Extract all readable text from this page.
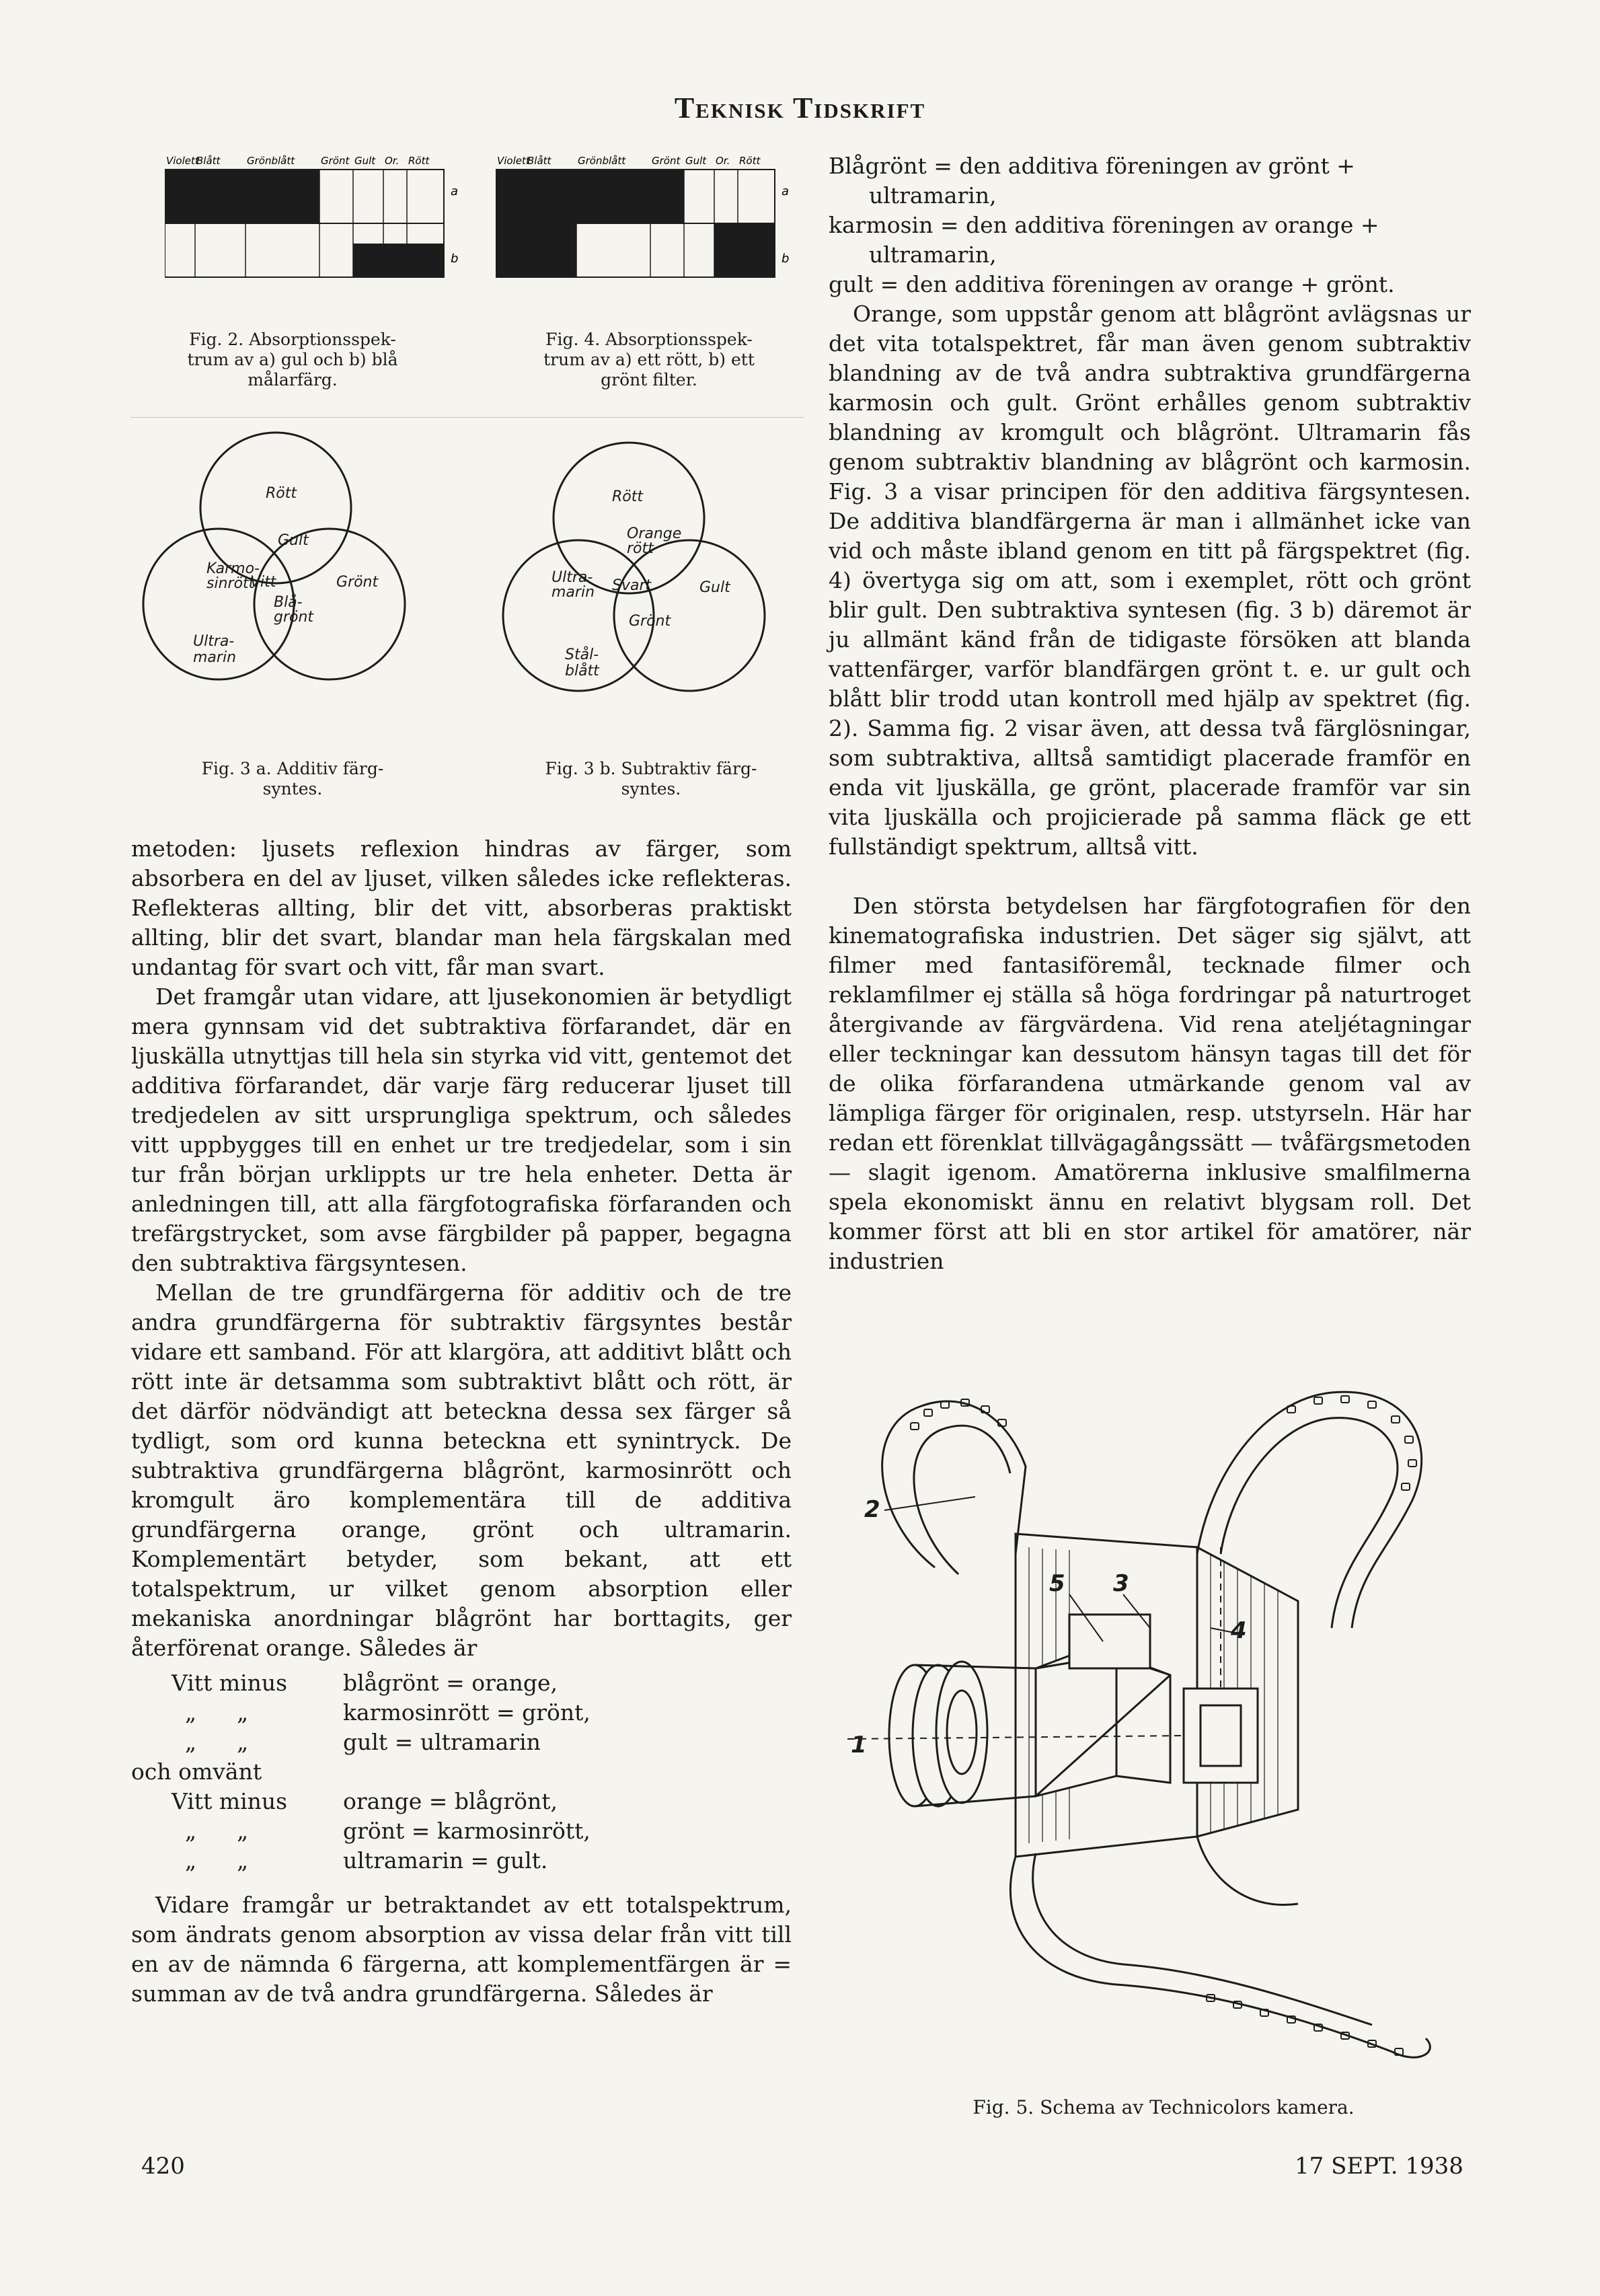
Teknisk Tidskrift
Violett
Blått	Grönblått	Grönt Gult Or. Rött
a
b
Fig. 2. Absorptionsspek-
trum av a) gul och b) blå
målarfärg.
Violett
Blått	Grönblått	Grönt Gult Or. Rött
a
b
Fig. 4. Absorptionsspek-
trum av a) ett rött, b) ett
grönt filter.
Rött
Gult
Karmo-sinrött
Vitt	Grönt
Blå-grönt
Ultra-marin
Fig. 3 a. Additiv färg-
syntes.
Rött
Orange rött
Ultra-marin Svart	Gult
Grönt
Stål-blått
Fig. 3 b. Subtraktiv färg-
syntes.

metoden: ljusets reflexion hindras av färger, som absorbera en del av ljuset, vilken således icke reflekteras. Reflekteras allting, blir det vitt, absorberas praktiskt allting, blir det svart, blandar man hela färgskalan med undantag för svart och vitt, får man svart.

Det framgår utan vidare, att ljusekonomien är betydligt mera gynnsam vid det subtraktiva förfarandet, där en ljuskälla utnyttjas till hela sin styrka vid vitt, gentemot det additiva förfarandet, där varje färg reducerar ljuset till tredjedelen av sitt ursprungliga spektrum, och således vitt uppbygges till en enhet ur tre tredjedelar, som i sin tur från början urklippts ur tre hela enheter. Detta är anledningen till, att alla färgfotografiska förfaranden och trefärgstrycket, som avse färgbilder på papper, begagna den subtraktiva färgsyntesen.

Mellan de tre grundfärgerna för additiv och de tre andra grundfärgerna för subtraktiv färgsyntes består vidare ett samband. För att klargöra, att additivt blått och rött inte är detsamma som subtraktivt blått och rött, är det därför nödvändigt att beteckna dessa sex färger så tydligt, som ord kunna beteckna ett synintryck. De subtraktiva grundfärgerna blågrönt, karmosinrött och kromgult äro komplementära till de additiva grundfärgerna orange, grönt och ultramarin. Komplementärt betyder, som bekant, att ett totalspektrum, ur vilket genom absorption eller mekaniska anordningar blågrönt har borttagits, ger återförenat orange. Således är

Vitt minus	blågrönt = orange,
„ „	karmosinrött = grönt,
„ „	gult = ultramarin
och omvänt
Vitt minus	orange = blågrönt,
„ „	grönt = karmosinrött,
„ „	ultramarin = gult.

Vidare framgår ur betraktandet av ett totalspektrum, som ändrats genom absorption av vissa delar från vitt till en av de nämnda 6 färgerna, att komplementfärgen är = summan av de två andra grundfärgerna. Således är

Blågrönt = den additiva föreningen av grönt +
ultramarin,
karmosin = den additiva föreningen av orange +
ultramarin,
gult = den additiva föreningen av orange + grönt.

Orange, som uppstår genom att blågrönt avlägsnas ur det vita totalspektret, får man även genom subtraktiv blandning av de två andra subtraktiva grundfärgerna karmosin och gult. Grönt erhålles genom subtraktiv blandning av kromgult och blågrönt. Ultramarin fås genom subtraktiv blandning av blågrönt och karmosin. Fig. 3 a visar principen för den additiva färgsyntesen. De additiva blandfärgerna är man i allmänhet icke van vid och måste ibland genom en titt på färgspektret (fig. 4) övertyga sig om att, som i exemplet, rött och grönt blir gult. Den subtraktiva syntesen (fig. 3 b) däremot är ju allmänt känd från de tidigaste försöken att blanda vattenfärger, varför blandfärgen grönt t. e. ur gult och blått blir trodd utan kontroll med hjälp av spektret (fig. 2). Samma fig. 2 visar även, att dessa två färglösningar, som subtraktiva, alltså samtidigt placerade framför en enda vit ljuskälla, ge grönt, placerade framför var sin vita ljuskälla och projicierade på samma fläck ge ett fullständigt spektrum, alltså vitt.

Den största betydelsen har färgfotografien för den kinematografiska industrien. Det säger sig självt, att filmer med fantasiföremål, tecknade filmer och reklamfilmer ej ställa så höga fordringar på naturtroget återgivande av färgvärdena. Vid rena ateljétagningar eller teckningar kan dessutom hänsyn tagas till det för de olika förfarandena utmärkande genom val av lämpliga färger för originalen, resp. utstyrseln. Här har redan ett förenklat tillvägagångssätt — tvåfärgsmetoden — slagit igenom. Amatörerna inklusive smalfilmerna spela ekonomiskt ännu en relativt blygsam roll. Det kommer först att bli en stor artikel för amatörer, när industrien

1
2
3
4
5
Fig. 5. Schema av Technicolors kamera.
420	17 SEPT. 1938
